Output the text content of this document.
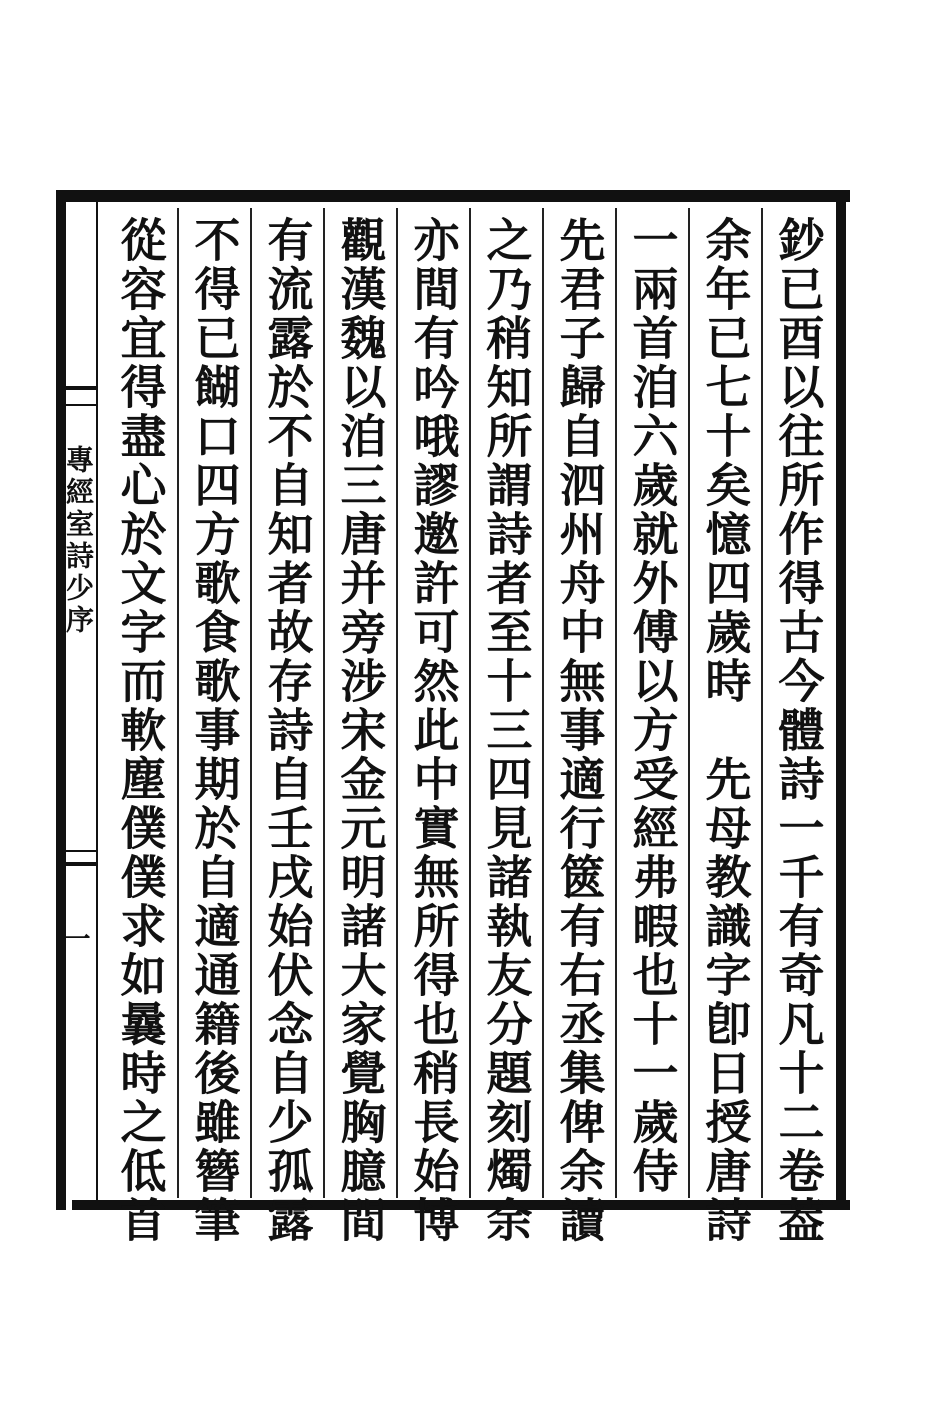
專經室詩少序
一	鈔已酉以往所作得古今體詩一千有奇凡十二卷葢
余年已七十矣憶四歲時　先母教識字卽日授唐詩
一兩首洎六歲就外傅以方受經弗暇也十一歲侍
先君子歸自泗州舟中無事適行篋有右丞集俾余讀
之乃稍知所謂詩者至十三四見諸執友分題刻燭余
亦間有吟哦謬邀許可然此中實無所得也稍長始博
觀漢魏以洎三唐并旁涉宋金元明諸大家覺胸臆間
有流露於不自知者故存詩自壬戌始伏念自少孤露
不得已餬口四方歌食歌事期於自適通籍後雖簪筆
從容宜得盡心於文字而軟塵僕僕求如曩時之低首
